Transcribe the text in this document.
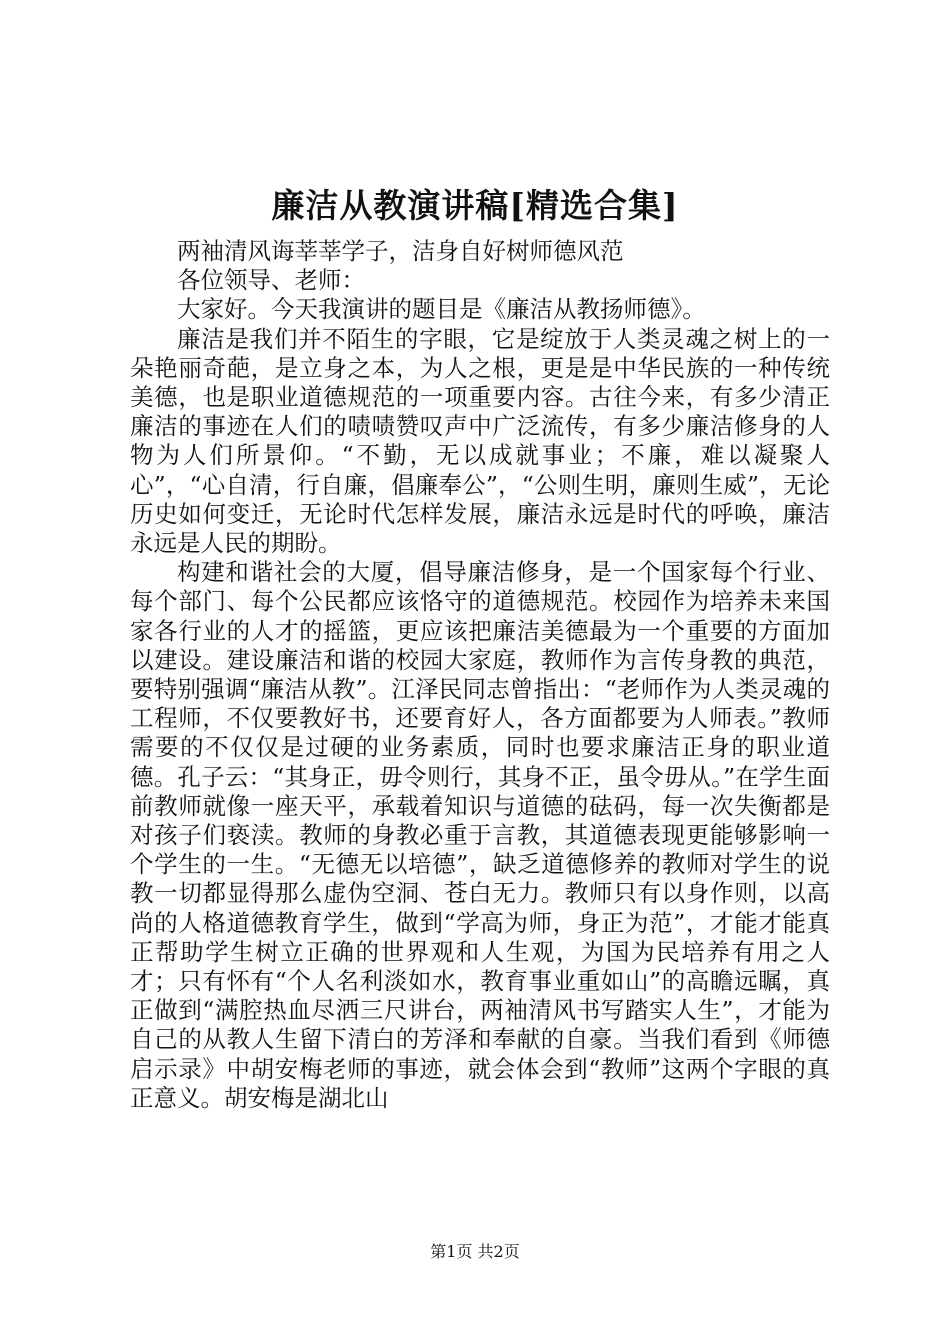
廉洁从教演讲稿[精选合集]

两袖清风诲莘莘学子，洁身自好树师德风范

各位领导、老师：

大家好。今天我演讲的题目是《廉洁从教扬师德》。

廉洁是我们并不陌生的字眼，它是绽放于人类灵魂之树上的一朵艳丽奇葩，是立身之本，为人之根，更是是中华民族的一种传统美德，也是职业道德规范的一项重要内容。古往今来，有多少清正廉洁的事迹在人们的啧啧赞叹声中广泛流传，有多少廉洁修身的人物为人们所景仰。“不勤，无以成就事业；不廉，难以凝聚人心”，“心自清，行自廉，倡廉奉公”，“公则生明，廉则生威”，无论历史如何变迁，无论时代怎样发展，廉洁永远是时代的呼唤，廉洁永远是人民的期盼。

构建和谐社会的大厦，倡导廉洁修身，是一个国家每个行业、每个部门、每个公民都应该恪守的道德规范。校园作为培养未来国家各行业的人才的摇篮，更应该把廉洁美德最为一个重要的方面加以建设。建设廉洁和谐的校园大家庭，教师作为言传身教的典范，要特别强调“廉洁从教”。江泽民同志曾指出：“老师作为人类灵魂的工程师，不仅要教好书，还要育好人，各方面都要为人师表。”教师需要的不仅仅是过硬的业务素质，同时也要求廉洁正身的职业道德。孔子云：“其身正，毋令则行，其身不正，虽令毋从。”在学生面前教师就像一座天平，承载着知识与道德的砝码，每一次失衡都是对孩子们亵渎。教师的身教必重于言教，其道德表现更能够影响一个学生的一生。“无德无以培德”，缺乏道德修养的教师对学生的说教一切都显得那么虚伪空洞、苍白无力。教师只有以身作则，以高尚的人格道德教育学生，做到“学高为师，身正为范”，才能才能真正帮助学生树立正确的世界观和人生观，为国为民培养有用之人才；只有怀有“个人名利淡如水，教育事业重如山”的高瞻远瞩，真正做到“满腔热血尽洒三尺讲台，两袖清风书写踏实人生”，才能为自己的从教人生留下清白的芳泽和奉献的自豪。当我们看到《师德启示录》中胡安梅老师的事迹，就会体会到“教师”这两个字眼的真正意义。胡安梅是湖北山

第1页 共2页
